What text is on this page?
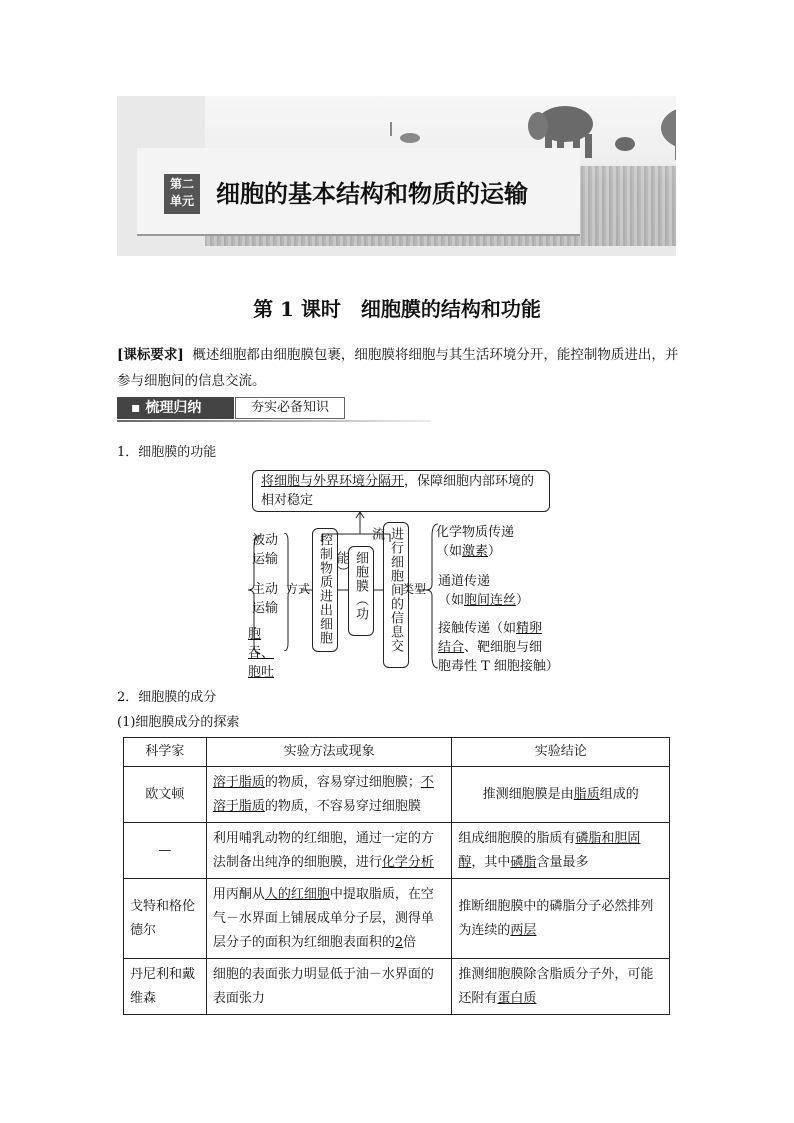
第二
单元 细胞的基本结构和物质的运输
第 1 课时　细胞膜的结构和功能
[课标要求] 概述细胞都由细胞膜包裹，细胞膜将细胞与其生活环境分开，能控制物质进出，并参与细胞间的信息交流。
▪ 梳理归纳	夯实必备知识
1．细胞膜的功能
将细胞与外界环境分隔开，保障细胞内部环境的相对稳定
控制物质进出细胞	细胞膜（功能）	进行细胞间的信息交流
方式	类型
被动运输
主动运输
胞吞、胞吐
化学物质传递
（如激素）
通道传递
（如胞间连丝）
接触传递（如精卵
结合、靶细胞与细
胞毒性 T 细胞接触）
2．细胞膜的成分
(1)细胞膜成分的探索
科学家	实验方法或现象	实验结论
欧文顿	溶于脂质的物质，容易穿过细胞膜；不溶于脂质的物质，不容易穿过细胞膜	推测细胞膜是由脂质组成的
—	利用哺乳动物的红细胞，通过一定的方法制备出纯净的细胞膜，进行化学分析	组成细胞膜的脂质有磷脂和胆固醇，其中磷脂含量最多
戈特和格伦德尔	用丙酮从人的红细胞中提取脂质，在空气－水界面上铺展成单分子层，测得单层分子的面积为红细胞表面积的2倍	推断细胞膜中的磷脂分子必然排列为连续的两层
丹尼利和戴维森	细胞的表面张力明显低于油－水界面的表面张力	推测细胞膜除含脂质分子外，可能还附有蛋白质
